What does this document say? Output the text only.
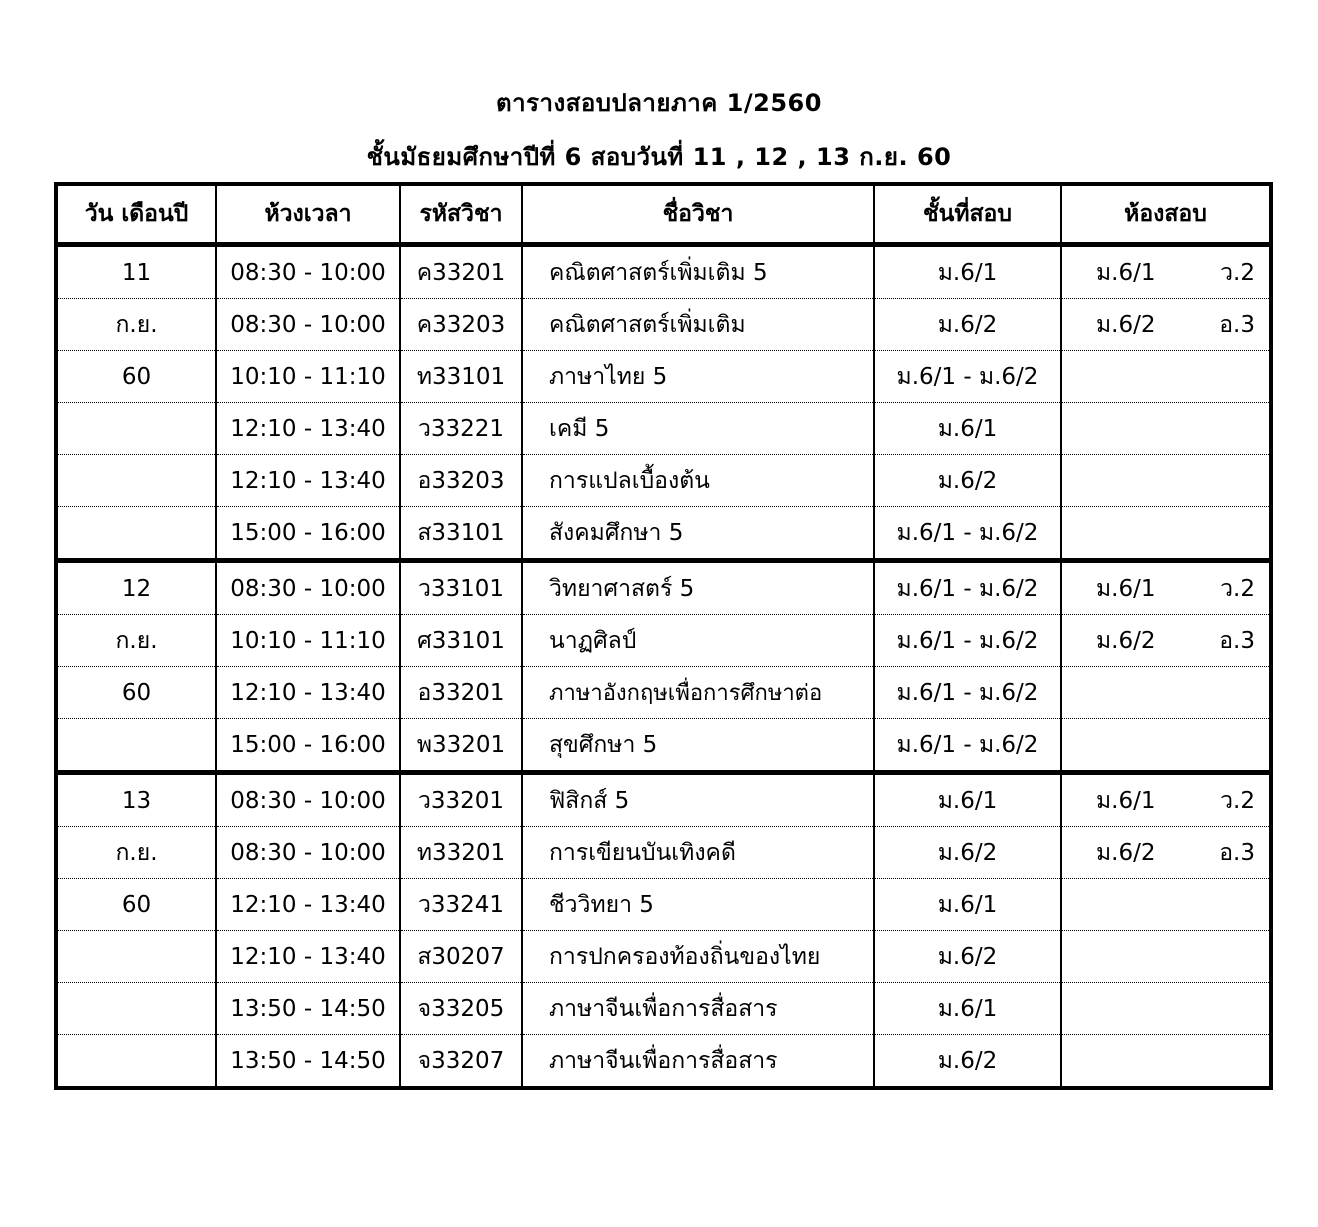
ตารางสอบปลายภาค 1/2560
ชั้นมัธยมศึกษาปีที่ 6 สอบวันที่ 11 , 12 , 13 ก.ย. 60
วัน เดือนปี	ห้วงเวลา	รหัสวิชา	ชื่อวิชา	ชั้นที่สอบ	ห้องสอบ
11	08:30 - 10:00	ค33201	คณิตศาสตร์เพิ่มเติม 5	ม.6/1	ม.6/1 ว.2

ก.ย.	08:30 - 10:00	ค33203	คณิตศาสตร์เพิ่มเติม	ม.6/2	ม.6/2 อ.3

60	10:10 - 11:10	ท33101	ภาษาไทย 5	ม.6/1 - ม.6/2	

	12:10 - 13:40	ว33221	เคมี 5	ม.6/1	

	12:10 - 13:40	อ33203	การแปลเบื้องต้น	ม.6/2	

	15:00 - 16:00	ส33101	สังคมศึกษา 5	ม.6/1 - ม.6/2	

12	08:30 - 10:00	ว33101	วิทยาศาสตร์ 5	ม.6/1 - ม.6/2	ม.6/1 ว.2

ก.ย.	10:10 - 11:10	ศ33101	นาฏศิลป์	ม.6/1 - ม.6/2	ม.6/2 อ.3

60	12:10 - 13:40	อ33201	ภาษาอังกฤษเพื่อการศึกษาต่อ	ม.6/1 - ม.6/2	

	15:00 - 16:00	พ33201	สุขศึกษา 5	ม.6/1 - ม.6/2	

13	08:30 - 10:00	ว33201	ฟิสิกส์ 5	ม.6/1	ม.6/1 ว.2

ก.ย.	08:30 - 10:00	ท33201	การเขียนบันเทิงคดี	ม.6/2	ม.6/2 อ.3

60	12:10 - 13:40	ว33241	ชีววิทยา 5	ม.6/1	

	12:10 - 13:40	ส30207	การปกครองท้องถิ่นของไทย	ม.6/2	

	13:50 - 14:50	จ33205	ภาษาจีนเพื่อการสื่อสาร	ม.6/1	

	13:50 - 14:50	จ33207	ภาษาจีนเพื่อการสื่อสาร	ม.6/2	
